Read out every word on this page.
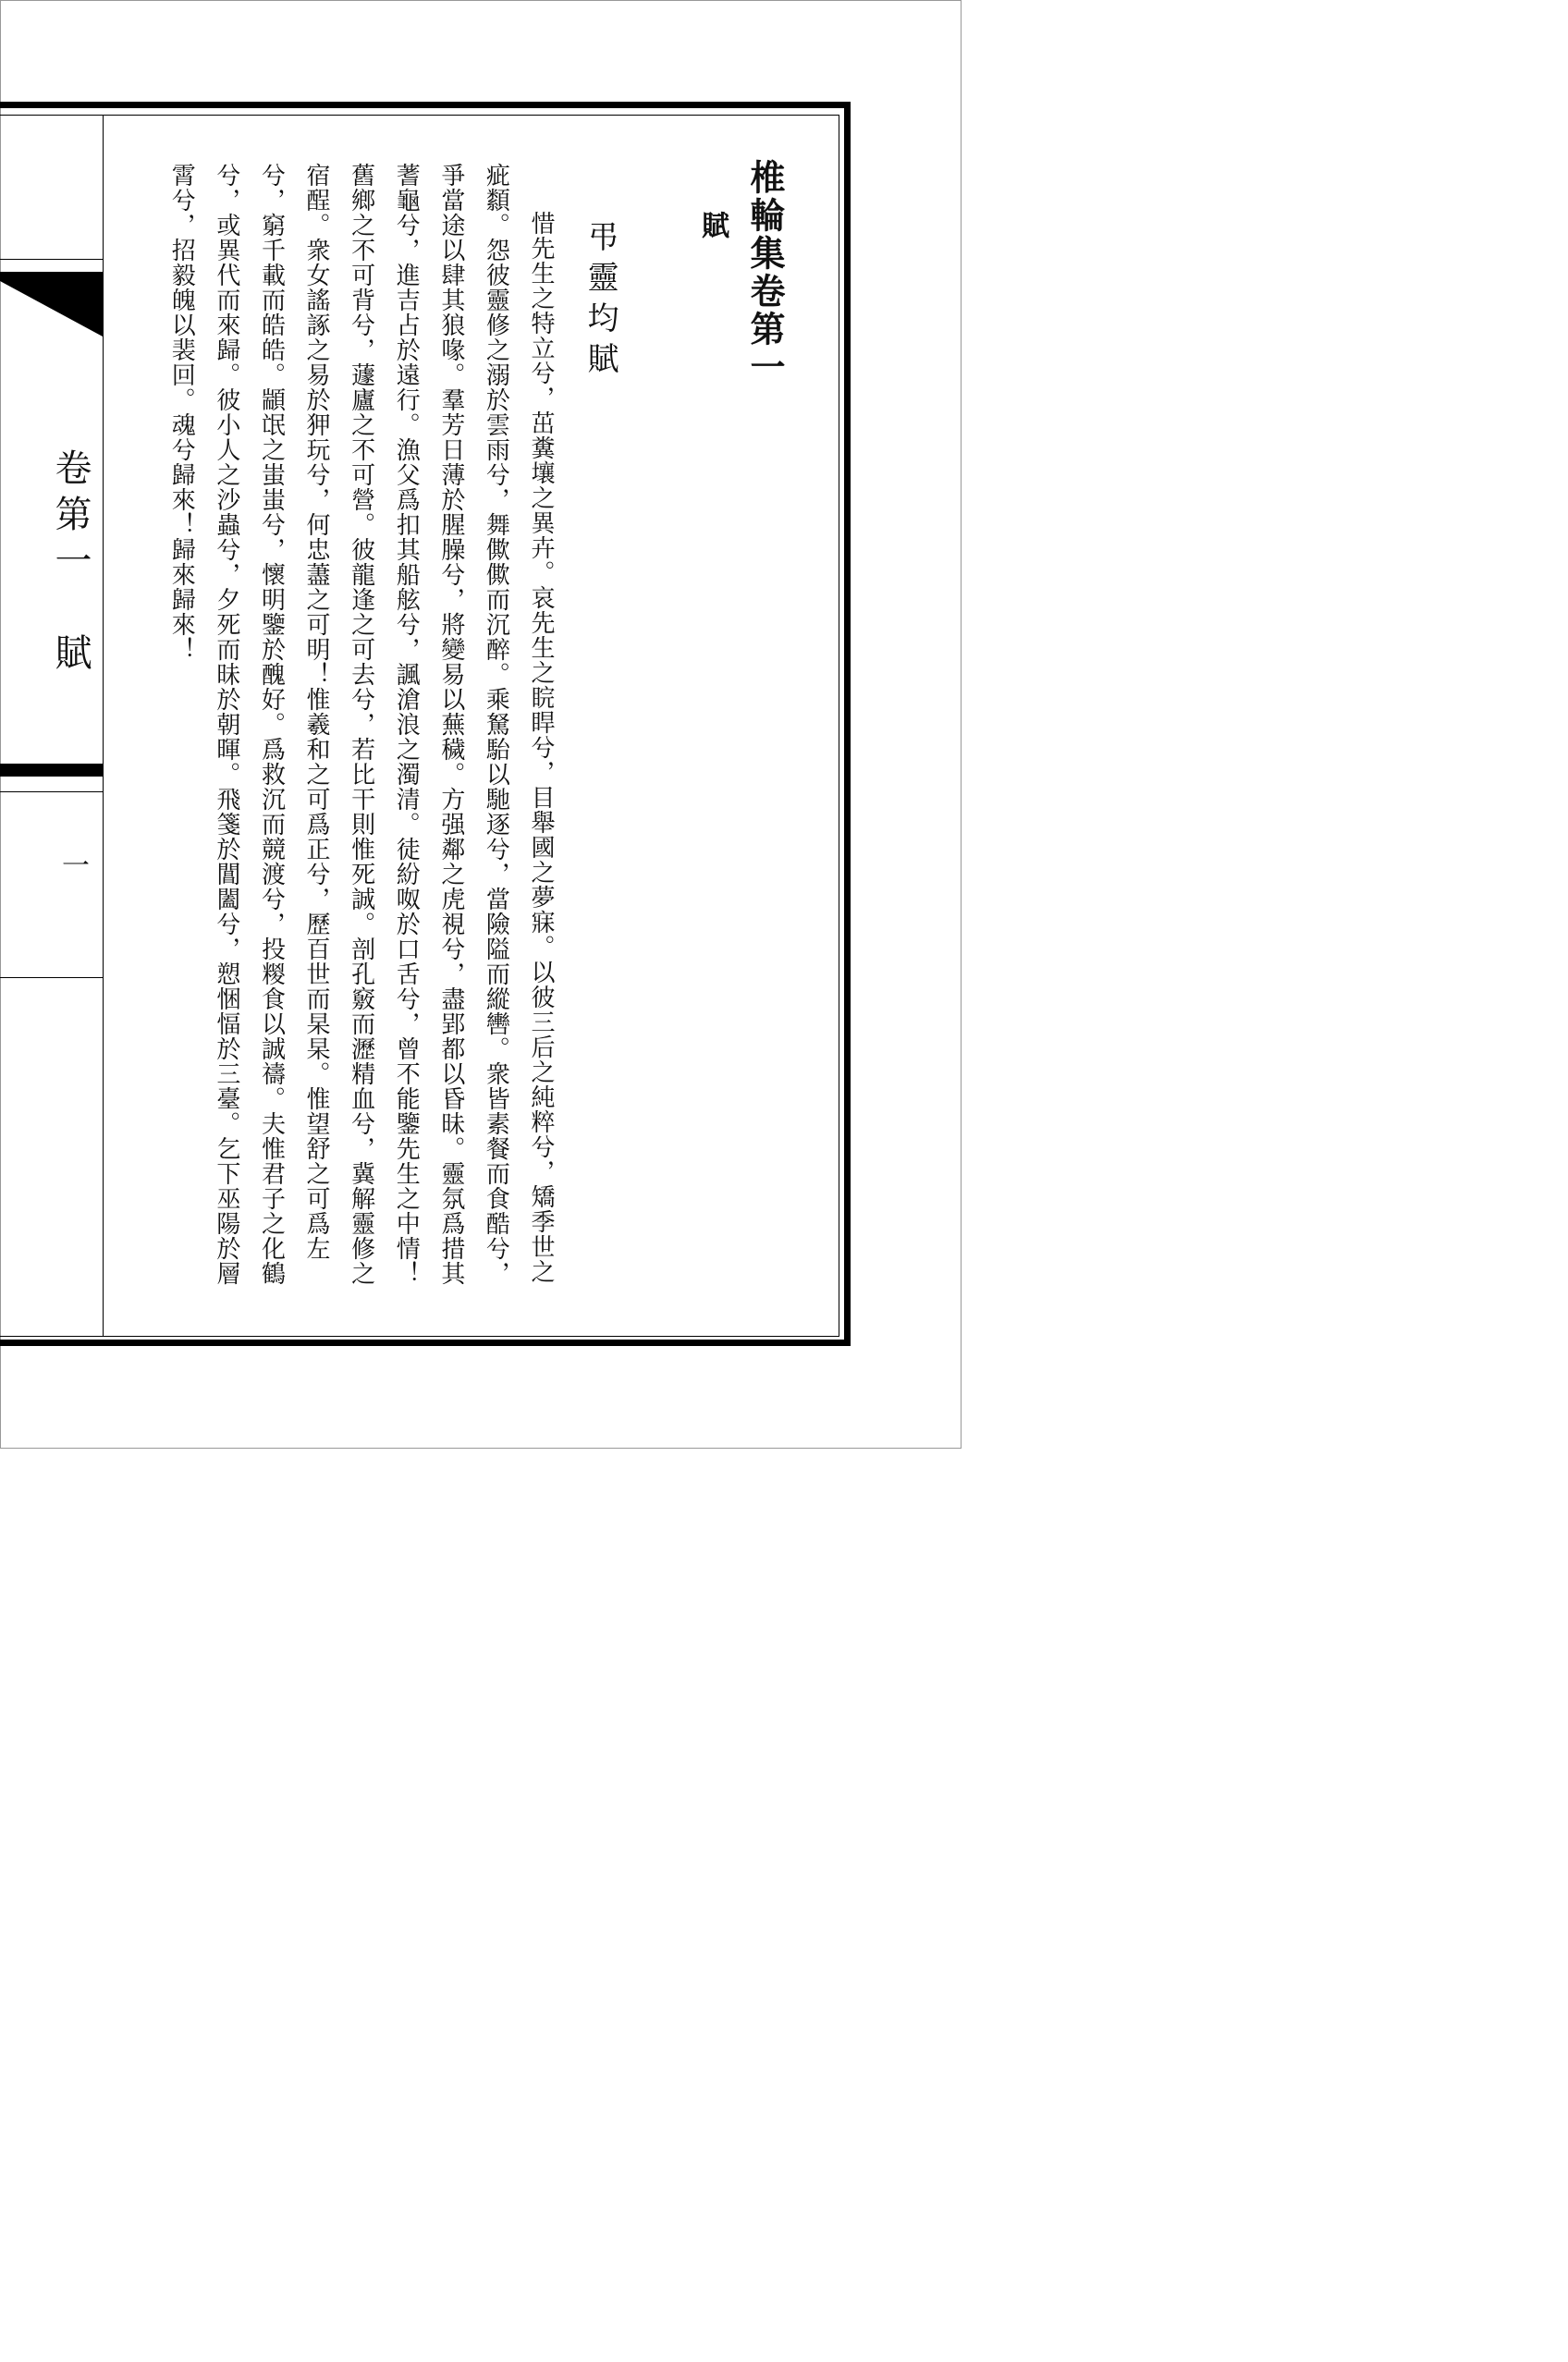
卷第一　賦
一
椎輪集卷第一
賦
弔靈均賦

惜先生之特立兮，茁糞壤之異卉。哀先生之睆睅兮，目舉國之夢寐。以彼三后之純粹兮，矯季世之疵纇。怨彼靈修之溺於雲雨兮，舞僛僛而沉醉。乘駑駘以馳逐兮，當險隘而縱轡。衆皆素餐而食酷兮，爭當途以肆其狼喙。羣芳日薄於腥臊兮，將變易以蕪穢。方强鄰之虎視兮，盡郢都以昏昧。靈氛爲措其蓍龜兮，進吉占於遠行。漁父爲扣其船舷兮，諷滄浪之濁清。徒紛呶於口舌兮，曾不能鑒先生之中情！舊鄉之不可背兮，蘧廬之不可營。彼龍逢之可去兮，若比干則惟死誠。剖孔竅而瀝精血兮，冀解靈修之宿酲。衆女謠諑之易於狎玩兮，何忠藎之可明！惟羲和之可爲正兮，歷百世而杲杲。惟望舒之可爲左兮，窮千載而皓皓。顓氓之蚩蚩兮，懷明鑒於醜好。爲救沉而競渡兮，投糉食以誠禱。夫惟君子之化鶴兮，或異代而來歸。彼小人之沙蟲兮，夕死而昧於朝暉。飛箋於閶闔兮，愬悃愊於三臺。乞下巫陽於層霄兮，招毅魄以裴回。魂兮歸來！歸來歸來！
